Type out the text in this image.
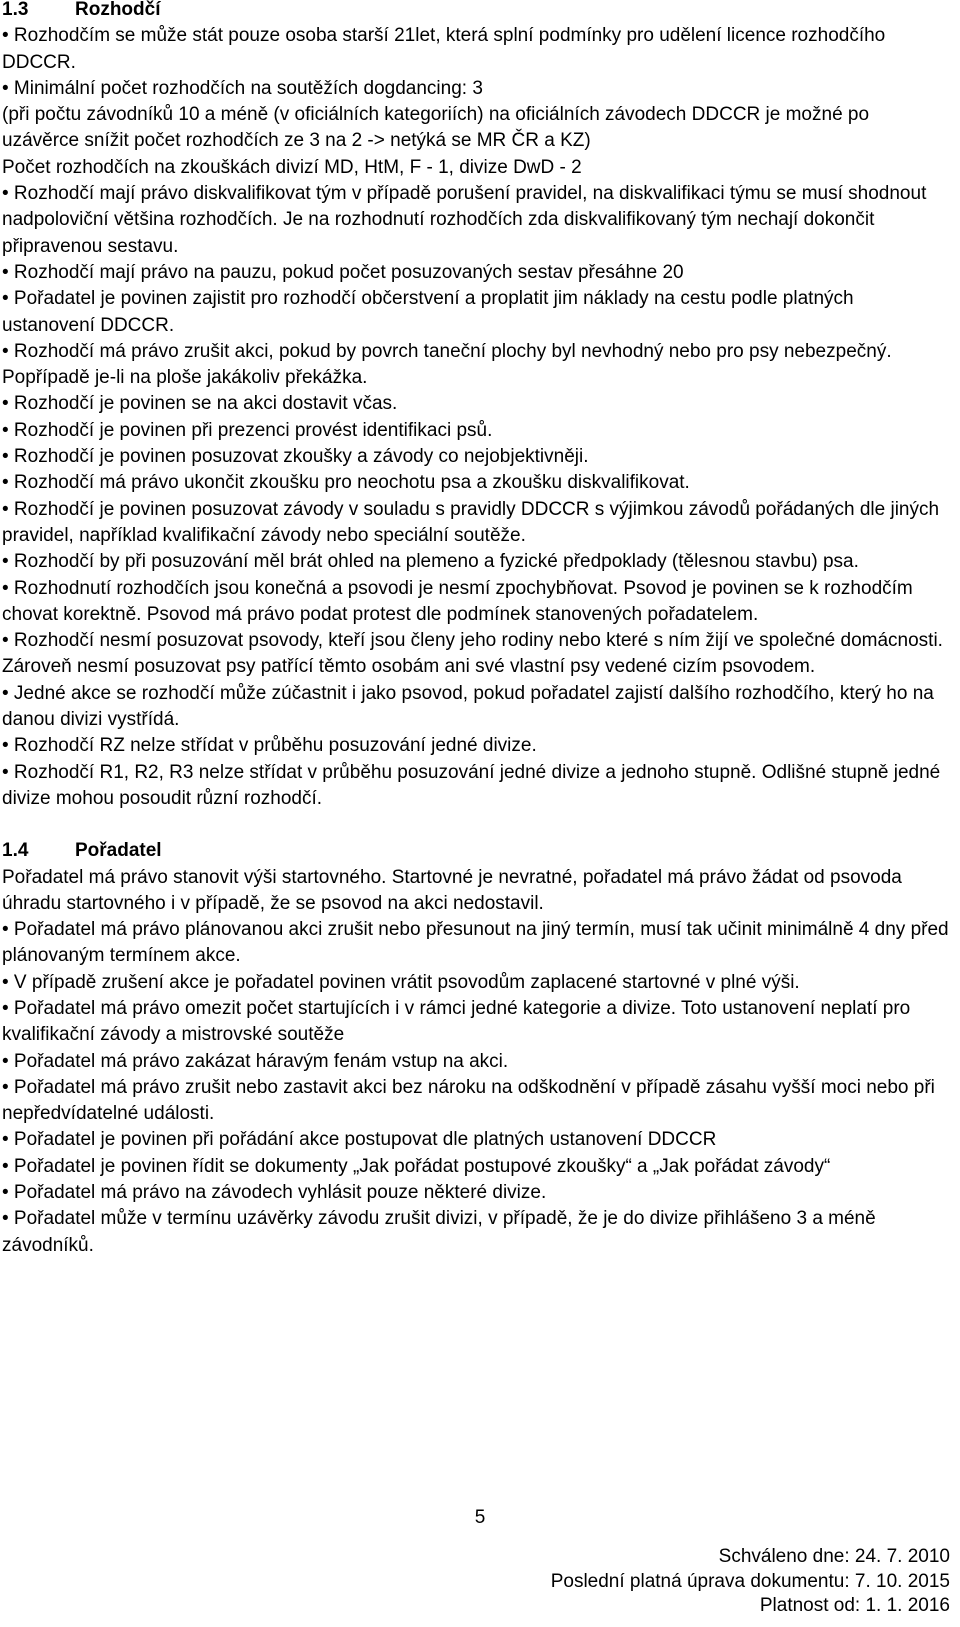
1.3 Rozhodčí
• Rozhodčím se může stát pouze osoba starší 21let, která splní podmínky pro udělení licence rozhodčího DDCCR.
• Minimální počet rozhodčích na soutěžích dogdancing: 3
(při počtu závodníků 10 a méně (v oficiálních kategoriích) na oficiálních závodech DDCCR je možné po uzávěrce snížit počet rozhodčích ze 3 na 2 -> netýká se MR ČR a KZ)
Počet rozhodčích na zkouškách divizí MD, HtM, F - 1, divize DwD - 2
• Rozhodčí mají právo diskvalifikovat tým v případě porušení pravidel, na diskvalifikaci týmu se musí shodnout nadpoloviční většina rozhodčích. Je na rozhodnutí rozhodčích zda diskvalifikovaný tým nechají dokončit připravenou sestavu.
• Rozhodčí mají právo na pauzu, pokud počet posuzovaných sestav přesáhne 20
• Pořadatel je povinen zajistit pro rozhodčí občerstvení a proplatit jim náklady na cestu podle platných ustanovení DDCCR.
• Rozhodčí má právo zrušit akci, pokud by povrch taneční plochy byl nevhodný nebo pro psy nebezpečný. Popřípadě je-li na ploše jakákoliv překážka.
• Rozhodčí je povinen se na akci dostavit včas.
• Rozhodčí je povinen při prezenci provést identifikaci psů.
• Rozhodčí je povinen posuzovat zkoušky a závody co nejobjektivněji.
• Rozhodčí má právo ukončit zkoušku pro neochotu psa a zkoušku diskvalifikovat.
• Rozhodčí je povinen posuzovat závody v souladu s pravidly DDCCR s výjimkou závodů pořádaných dle jiných pravidel, například kvalifikační závody nebo speciální soutěže.
• Rozhodčí by při posuzování měl brát ohled na plemeno a fyzické předpoklady (tělesnou stavbu) psa.
• Rozhodnutí rozhodčích jsou konečná a psovodi je nesmí zpochybňovat. Psovod je povinen se k rozhodčím chovat korektně. Psovod má právo podat protest dle podmínek stanovených pořadatelem.
• Rozhodčí nesmí posuzovat psovody, kteří jsou členy jeho rodiny nebo které s ním žijí ve společné domácnosti. Zároveň nesmí posuzovat psy patřící těmto osobám ani své vlastní psy vedené cizím psovodem.
• Jedné akce se rozhodčí může zúčastnit i jako psovod, pokud pořadatel zajistí dalšího rozhodčího, který ho na danou divizi vystřídá.
• Rozhodčí RZ nelze střídat v průběhu posuzování jedné divize.
• Rozhodčí R1, R2, R3 nelze střídat v průběhu posuzování jedné divize a jednoho stupně. Odlišné stupně jedné divize mohou posoudit různí rozhodčí.
1.4 Pořadatel
Pořadatel má právo stanovit výši startovného. Startovné je nevratné, pořadatel má právo žádat od psovoda úhradu startovného i v případě, že se psovod na akci nedostavil.
• Pořadatel má právo plánovanou akci zrušit nebo přesunout na jiný termín, musí tak učinit minimálně 4 dny před plánovaným termínem akce.
• V případě zrušení akce je pořadatel povinen vrátit psovodům zaplacené startovné v plné výši.
• Pořadatel má právo omezit počet startujících i v rámci jedné kategorie a divize. Toto ustanovení neplatí pro kvalifikační závody a mistrovské soutěže
• Pořadatel má právo zakázat háravým fenám vstup na akci.
• Pořadatel má právo zrušit nebo zastavit akci bez nároku na odškodnění v případě zásahu vyšší moci nebo při nepředvídatelné události.
• Pořadatel je povinen při pořádání akce postupovat dle platných ustanovení DDCCR
• Pořadatel je povinen řídit se dokumenty „Jak pořádat postupové zkoušky“ a „Jak pořádat závody“
• Pořadatel má právo na závodech vyhlásit pouze některé divize.
• Pořadatel může v termínu uzávěrky závodu zrušit divizi, v případě, že je do divize přihlášeno 3 a méně závodníků.
5
Schváleno dne: 24. 7. 2010
Poslední platná úprava dokumentu: 7. 10. 2015
Platnost od: 1. 1. 2016
